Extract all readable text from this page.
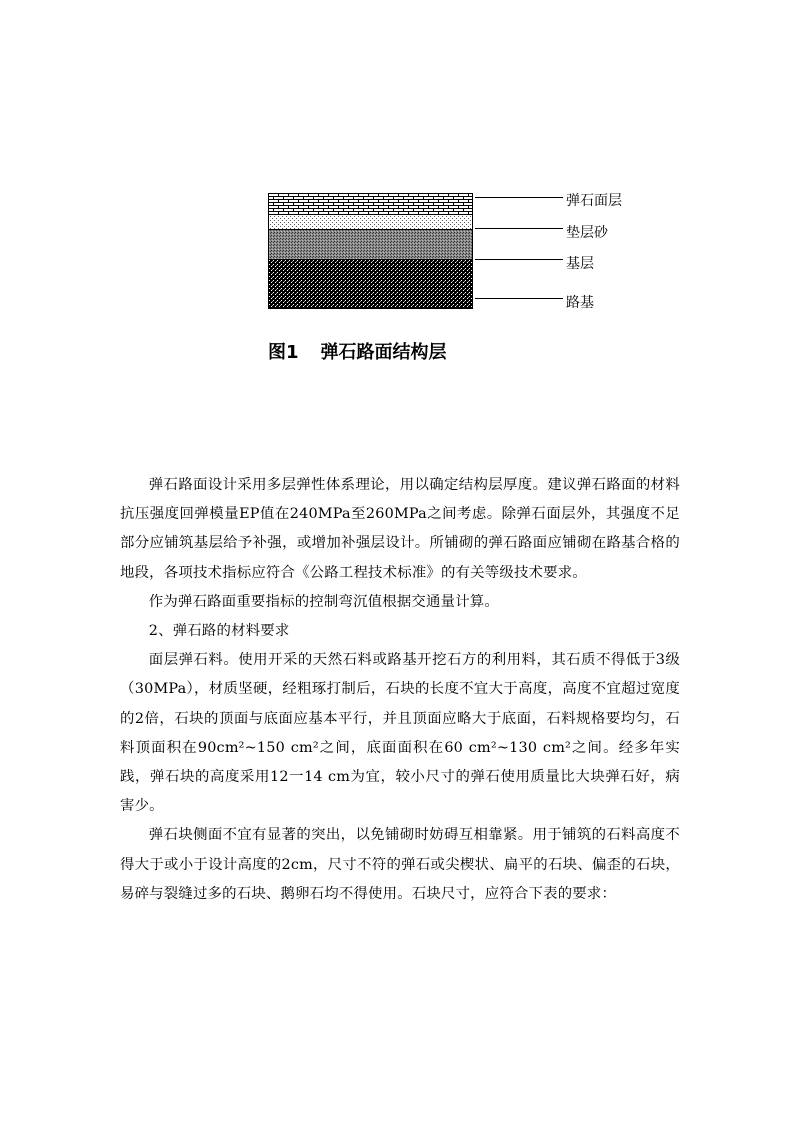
弹石面层
垫层砂
基层
路基
图1 弹石路面结构层

弹石路面设计采用多层弹性体系理论，用以确定结构层厚度。建议弹石路面的材料抗压强度回弹模量EP值在240MPa至260MPa之间考虑。除弹石面层外，其强度不足部分应铺筑基层给予补强，或增加补强层设计。所铺砌的弹石路面应铺砌在路基合格的地段，各项技术指标应符合《公路工程技术标准》的有关等级技术要求。

作为弹石路面重要指标的控制弯沉值根据交通量计算。

2、弹石路的材料要求

面层弹石料。使用开采的天然石料或路基开挖石方的利用料，其石质不得低于3级（30MPa），材质坚硬，经粗琢打制后，石块的长度不宜大于高度，高度不宜超过宽度的2倍，石块的顶面与底面应基本平行，并且顶面应略大于底面，石料规格要均匀，石料顶面积在90cm²~150 cm²之间，底面面积在60 cm²~130 cm²之间。经多年实践，弹石块的高度采用12一14 cm为宜，较小尺寸的弹石使用质量比大块弹石好，病害少。

弹石块侧面不宜有显著的突出，以免铺砌时妨碍互相靠紧。用于铺筑的石料高度不得大于或小于设计高度的2cm，尺寸不符的弹石或尖楔状、扁平的石块、偏歪的石块，易碎与裂缝过多的石块、鹅卵石均不得使用。石块尺寸，应符合下表的要求：
